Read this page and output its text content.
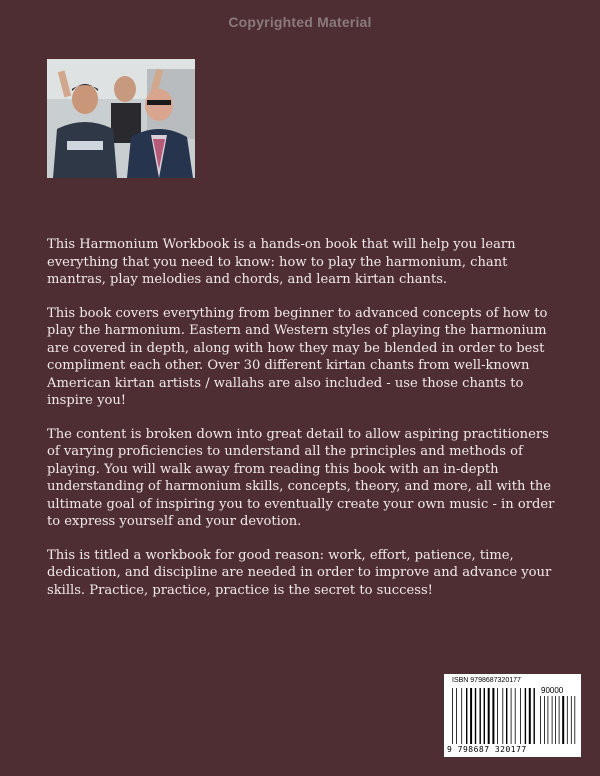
Copyrighted Material

This Harmonium Workbook is a hands-on book that will help you learn everything that you need to know: how to play the harmonium, chant mantras, play melodies and chords, and learn kirtan chants.

This book covers everything from beginner to advanced concepts of how to play the harmonium. Eastern and Western styles of playing the harmonium are covered in depth, along with how they may be blended in order to best compliment each other. Over 30 different kirtan chants from well-known American kirtan artists / wallahs are also included - use those chants to inspire you!

The content is broken down into great detail to allow aspiring practitioners of varying proficiencies to understand all the principles and methods of playing. You will walk away from reading this book with an in-depth understanding of harmonium skills, concepts, theory, and more, all with the ultimate goal of inspiring you to eventually create your own music - in order to express yourself and your devotion.

This is titled a workbook for good reason: work, effort, patience, time, dedication, and discipline are needed in order to improve and advance your skills. Practice, practice, practice is the secret to success!

ISBN 9798687320177
90000
9 798687 320177
